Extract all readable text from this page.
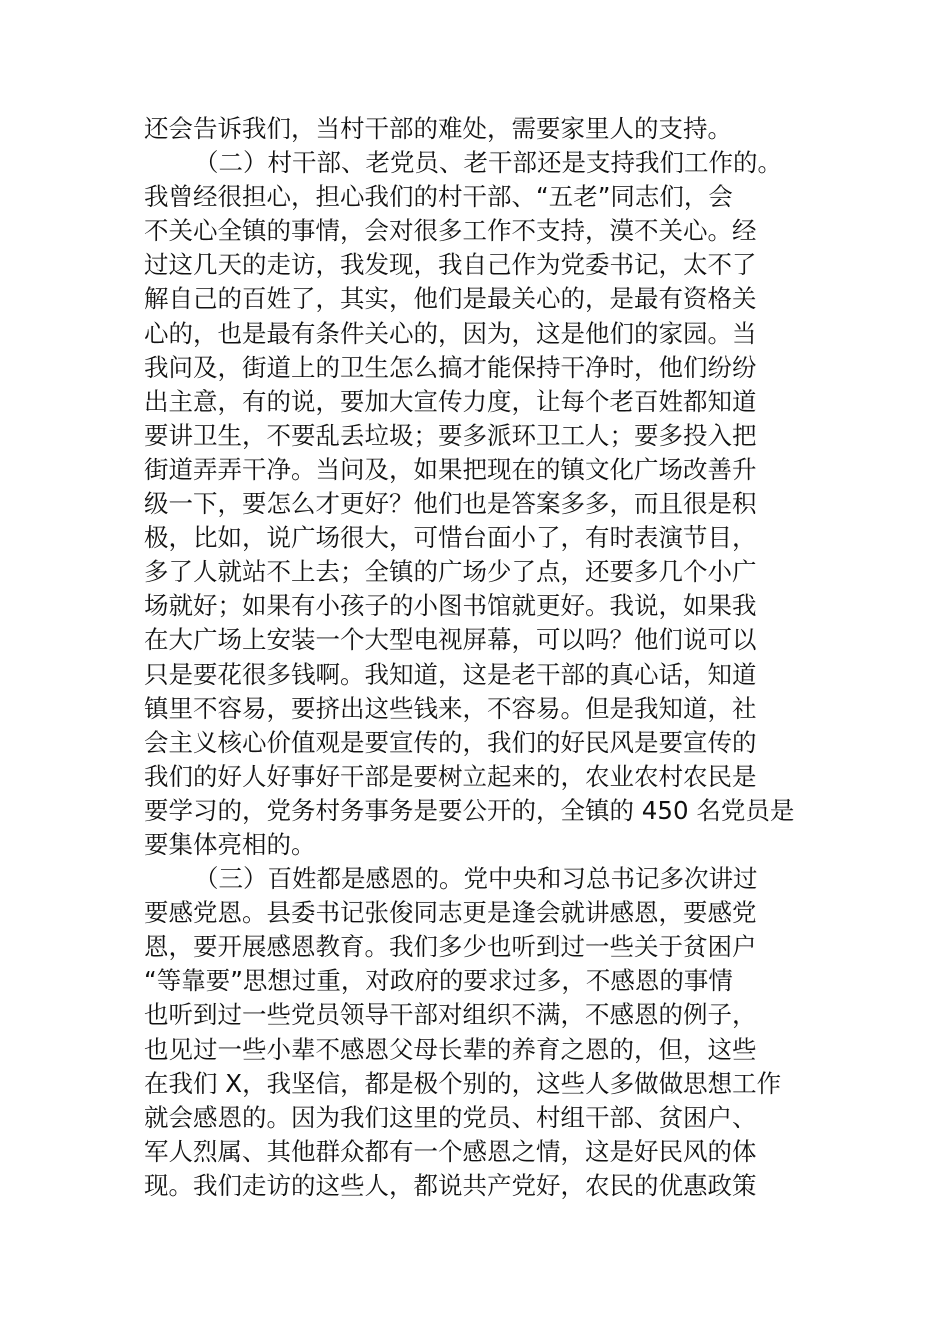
还会告诉我们，当村干部的难处，需要家里人的支持。
（二）村干部、老党员、老干部还是支持我们工作的。
我曾经很担心，担心我们的村干部、“五老”同志们，会
不关心全镇的事情，会对很多工作不支持，漠不关心。经
过这几天的走访，我发现，我自己作为党委书记，太不了
解自己的百姓了，其实，他们是最关心的，是最有资格关
心的，也是最有条件关心的，因为，这是他们的家园。当
我问及，街道上的卫生怎么搞才能保持干净时，他们纷纷
出主意，有的说，要加大宣传力度，让每个老百姓都知道
要讲卫生，不要乱丢垃圾；要多派环卫工人；要多投入把
街道弄弄干净。当问及，如果把现在的镇文化广场改善升
级一下，要怎么才更好？他们也是答案多多，而且很是积
极，比如，说广场很大，可惜台面小了，有时表演节目，
多了人就站不上去；全镇的广场少了点，还要多几个小广
场就好；如果有小孩子的小图书馆就更好。我说，如果我
在大广场上安装一个大型电视屏幕，可以吗？他们说可以
只是要花很多钱啊。我知道，这是老干部的真心话，知道
镇里不容易，要挤出这些钱来，不容易。但是我知道，社
会主义核心价值观是要宣传的，我们的好民风是要宣传的
我们的好人好事好干部是要树立起来的，农业农村农民是
要学习的，党务村务事务是要公开的，全镇的 450 名党员是
要集体亮相的。
（三）百姓都是感恩的。党中央和习总书记多次讲过
要感党恩。县委书记张俊同志更是逢会就讲感恩，要感党
恩，要开展感恩教育。我们多少也听到过一些关于贫困户
“等靠要”思想过重，对政府的要求过多，不感恩的事情
也听到过一些党员领导干部对组织不满，不感恩的例子，
也见过一些小辈不感恩父母长辈的养育之恩的，但，这些
在我们 X，我坚信，都是极个别的，这些人多做做思想工作
就会感恩的。因为我们这里的党员、村组干部、贫困户、
军人烈属、其他群众都有一个感恩之情，这是好民风的体
现。我们走访的这些人，都说共产党好，农民的优惠政策
